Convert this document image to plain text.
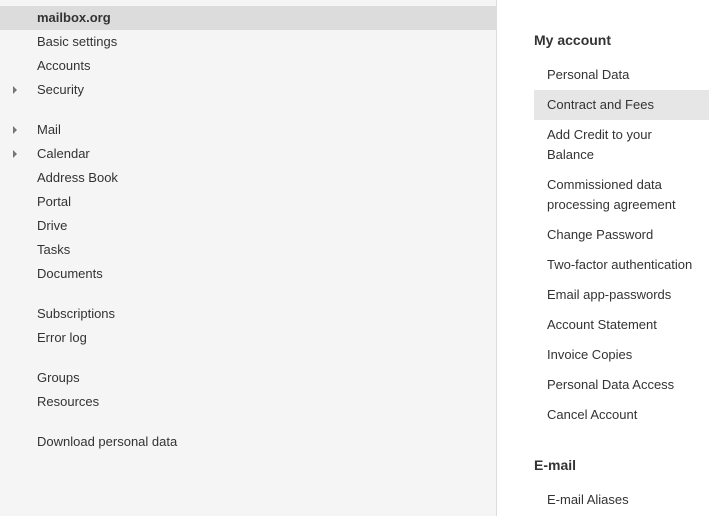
mailbox.org
Basic settings
Accounts
Security
Mail
Calendar
Address Book
Portal
Drive
Tasks
Documents
Subscriptions
Error log
Groups
Resources
Download personal data
My account
Personal Data
Contract and Fees
Add Credit to your Balance
Commissioned data processing agreement
Change Password
Two-factor authentication
Email app-passwords
Account Statement
Invoice Copies
Personal Data Access
Cancel Account
E-mail
E-mail Aliases
